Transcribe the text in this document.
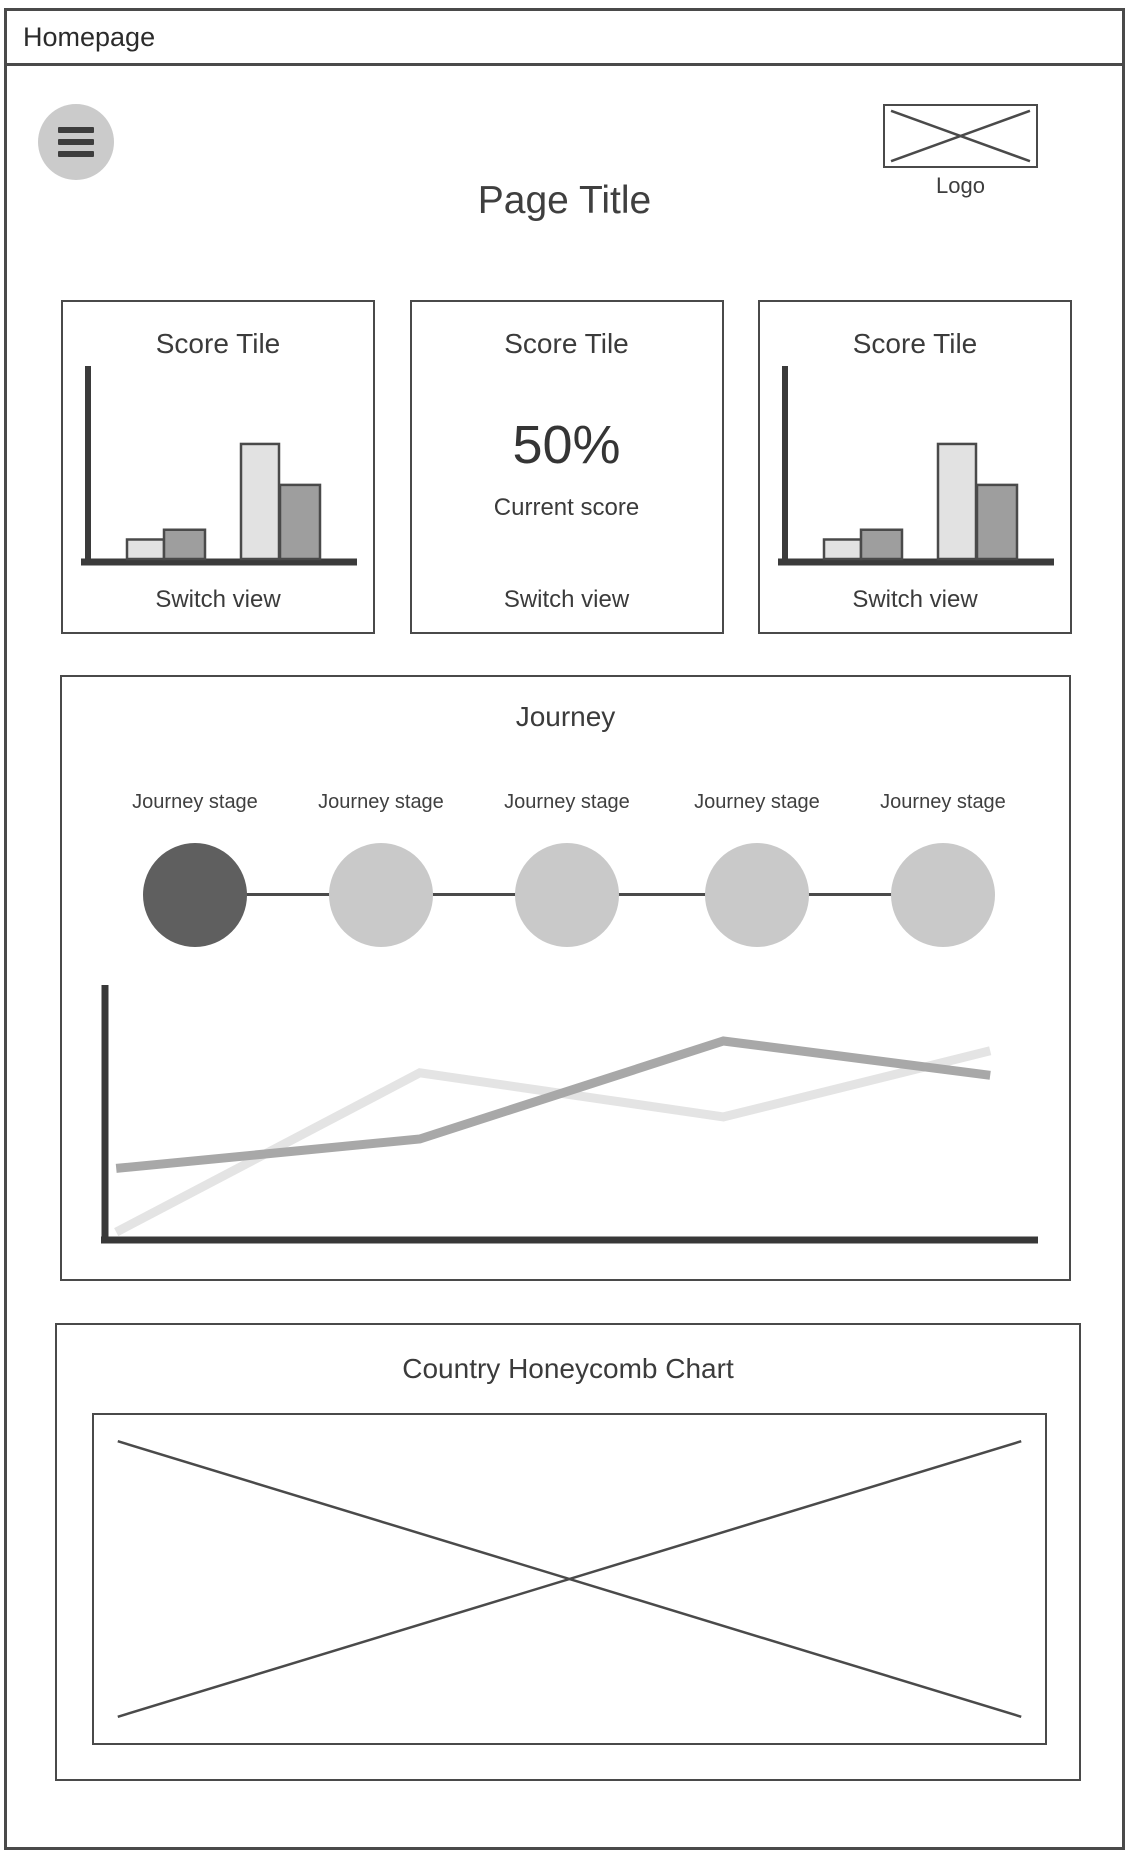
Homepage
Logo
Page Title
Score Tile
Switch view
Score Tile
50%
Current score
Switch view
Score Tile
Switch view
Journey
Journey stage	Journey stage	Journey stage	Journey stage	Journey stage
Country Honeycomb Chart
